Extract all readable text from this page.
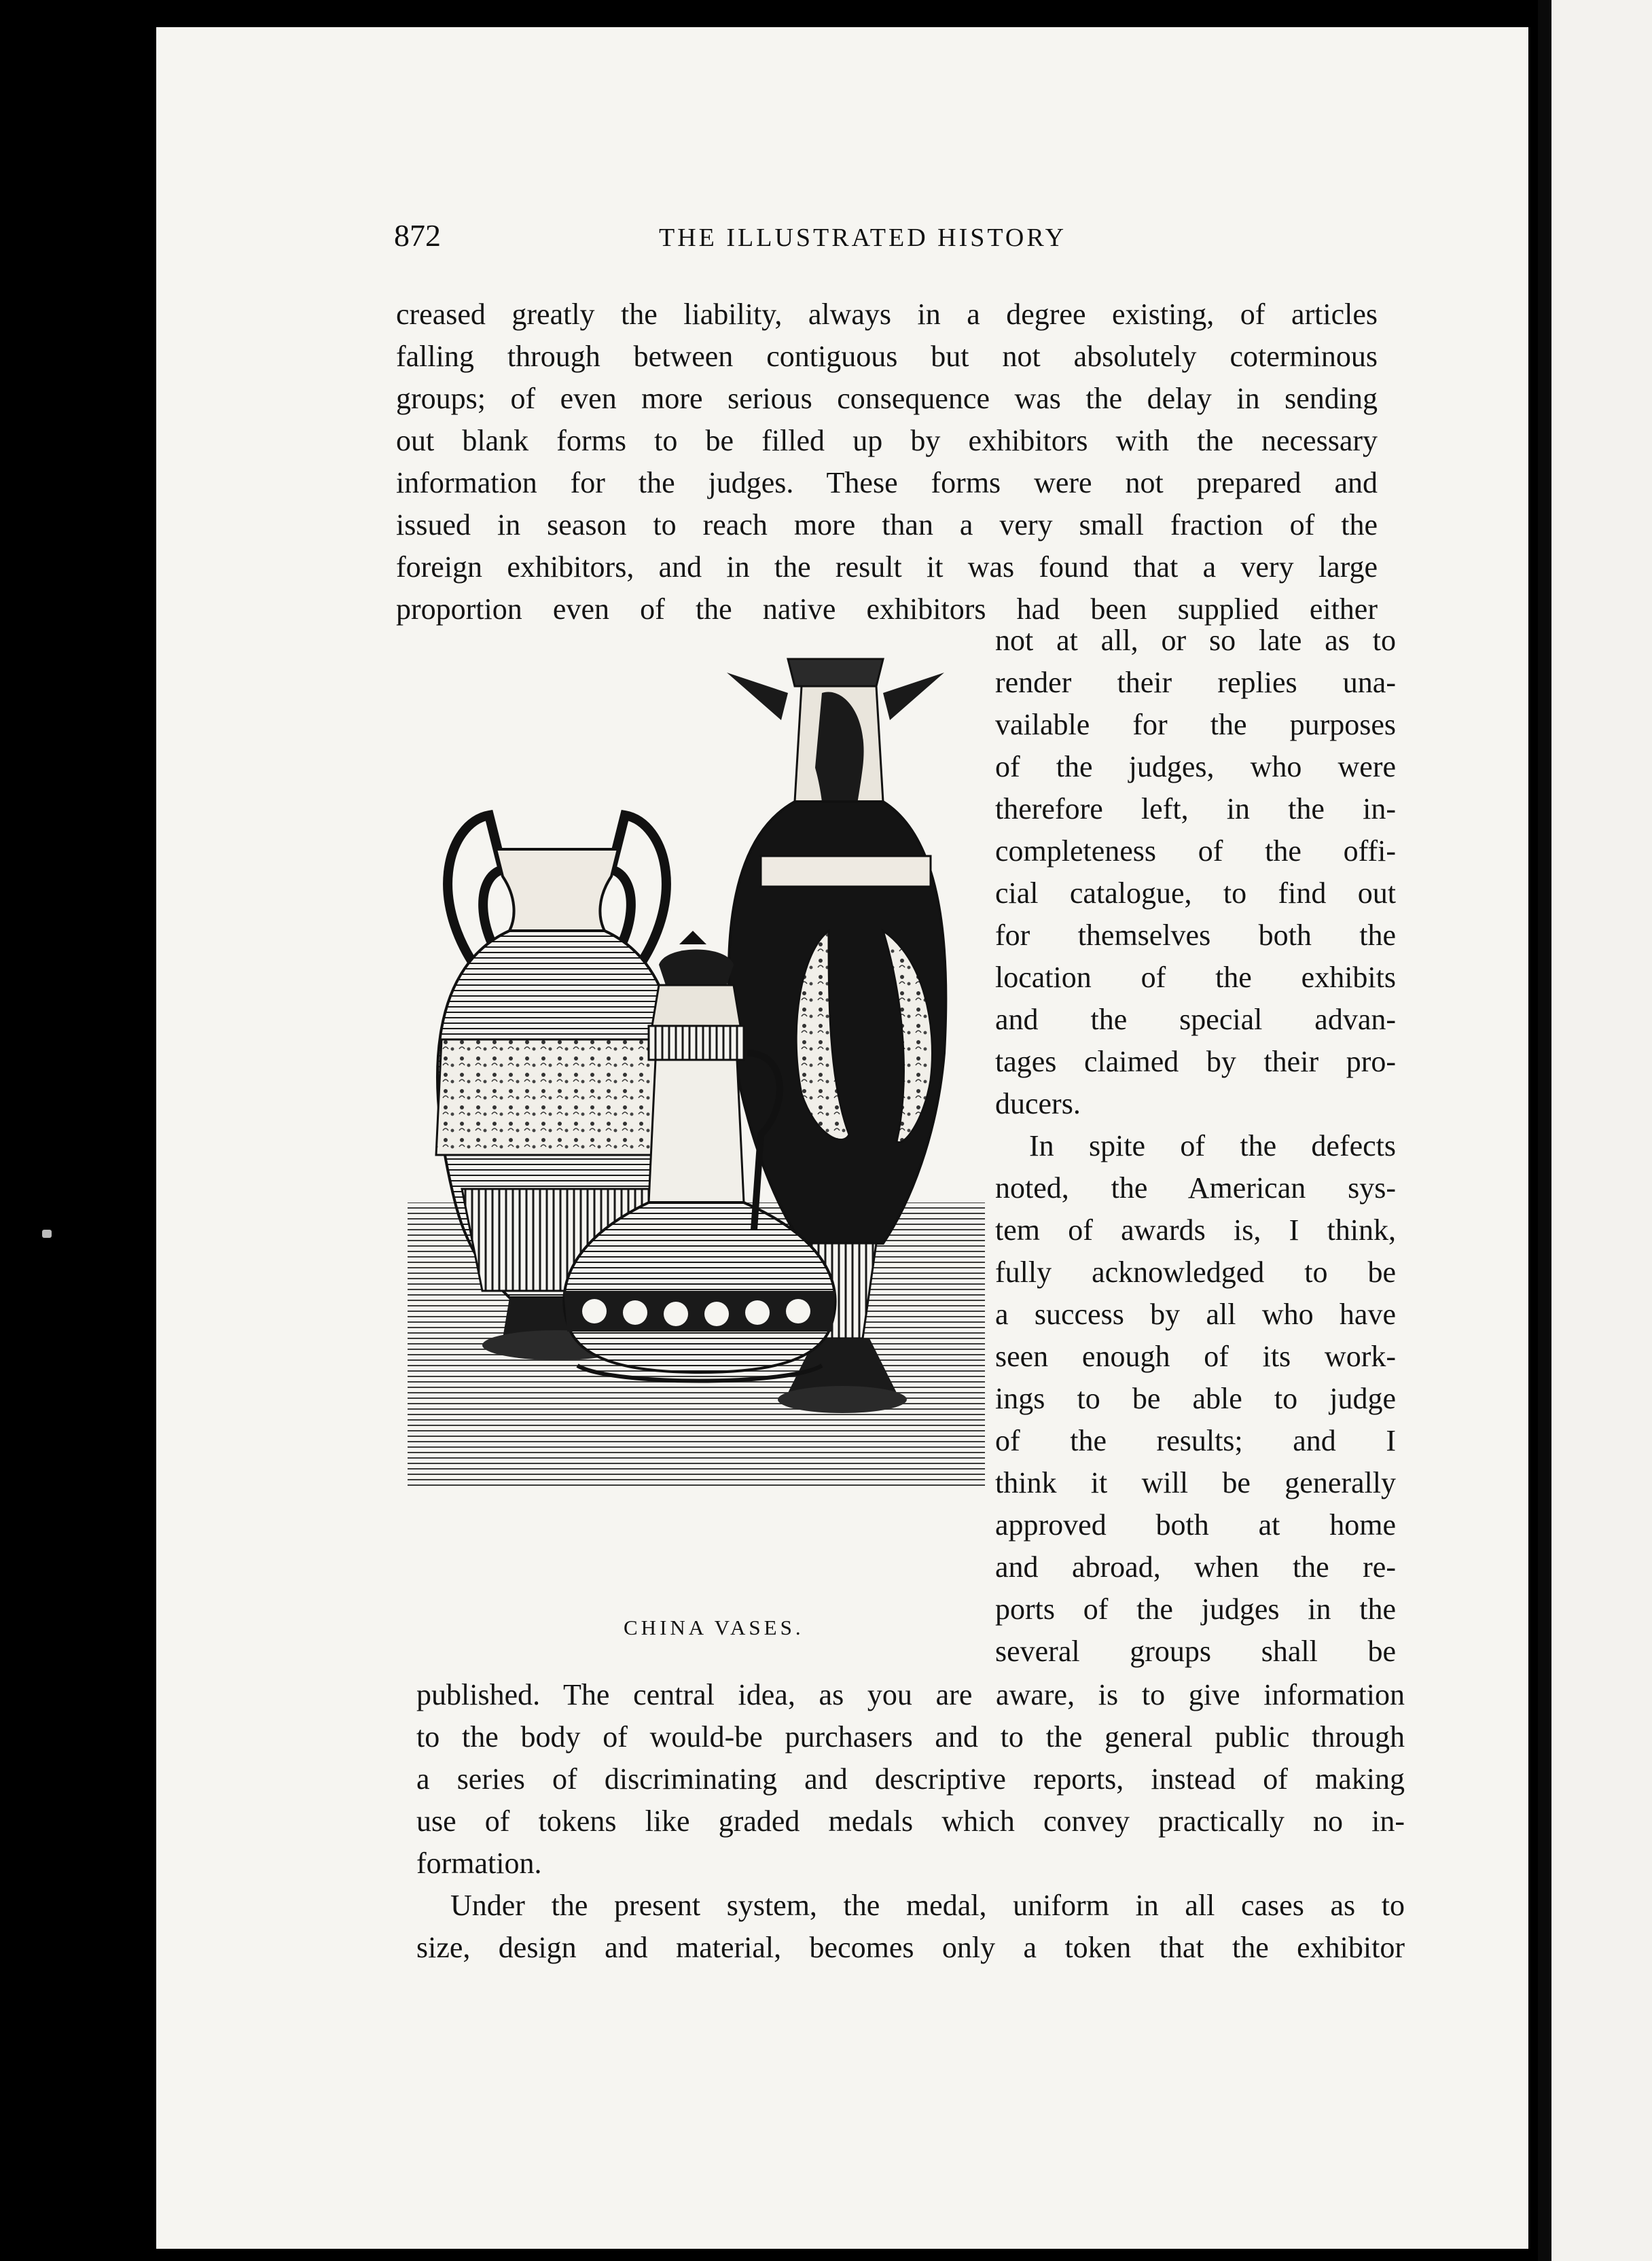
872	THE ILLUSTRATED HISTORY
creased greatly the liability, always in a degree existing, of articles
falling through between contiguous but not absolutely coterminous
groups; of even more serious consequence was the delay in sending
out blank forms to be filled up by exhibitors with the necessary
information for the judges. These forms were not prepared and
issued in season to reach more than a very small fraction of the
foreign exhibitors, and in the result it was found that a very large
proportion even of the native exhibitors had been supplied either
not at all, or so late as to
render their replies una-
vailable for the purposes
of the judges, who were
therefore left, in the in-
completeness of the offi-
cial catalogue, to find out
for themselves both the
location of the exhibits
and the special advan-
tages claimed by their pro-
ducers.
In spite of the defects
noted, the American sys-
tem of awards is, I think,
fully acknowledged to be
a success by all who have
seen enough of its work-
ings to be able to judge
of the results; and I
think it will be generally
approved both at home
and abroad, when the re-
ports of the judges in the
several groups shall be
CHINA VASES.
published. The central idea, as you are aware, is to give information
to the body of would-be purchasers and to the general public through
a series of discriminating and descriptive reports, instead of making
use of tokens like graded medals which convey practically no in-
formation.
Under the present system, the medal, uniform in all cases as to
size, design and material, becomes only a token that the exhibitor
